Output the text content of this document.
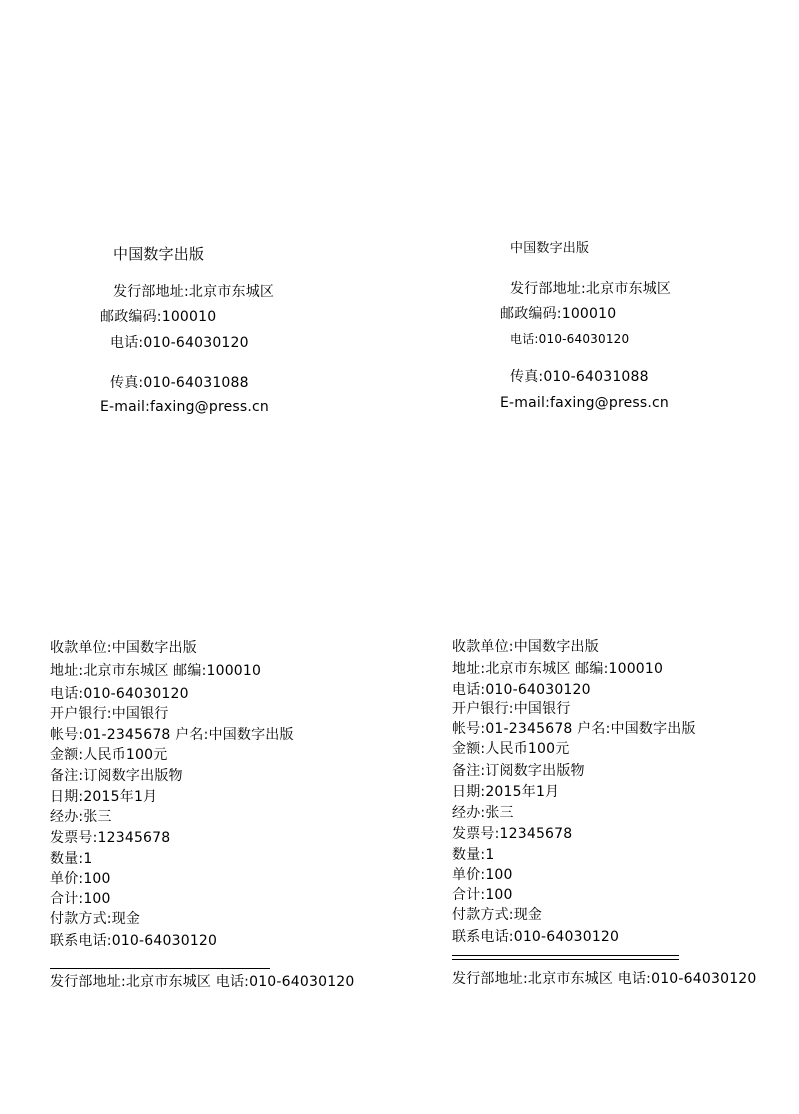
中国数字出版
发行部地址:北京市东城区
邮政编码:100010
电话:010-64030120
传真:010-64031088
E-mail:faxing@press.cn
中国数字出版
发行部地址:北京市东城区
邮政编码:100010
电话:010-64030120
传真:010-64031088
E-mail:faxing@press.cn
收款单位:中国数字出版
地址:北京市东城区 邮编:100010
电话:010-64030120
开户银行:中国银行
帐号:01-2345678 户名:中国数字出版
金额:人民币100元
备注:订阅数字出版物
日期:2015年1月
经办:张三
发票号:12345678
数量:1
单价:100
合计:100
付款方式:现金
联系电话:010-64030120
发行部地址:北京市东城区 电话:010-64030120
收款单位:中国数字出版
地址:北京市东城区 邮编:100010
电话:010-64030120
开户银行:中国银行
帐号:01-2345678 户名:中国数字出版
金额:人民币100元
备注:订阅数字出版物
日期:2015年1月
经办:张三
发票号:12345678
数量:1
单价:100
合计:100
付款方式:现金
联系电话:010-64030120
发行部地址:北京市东城区 电话:010-64030120
